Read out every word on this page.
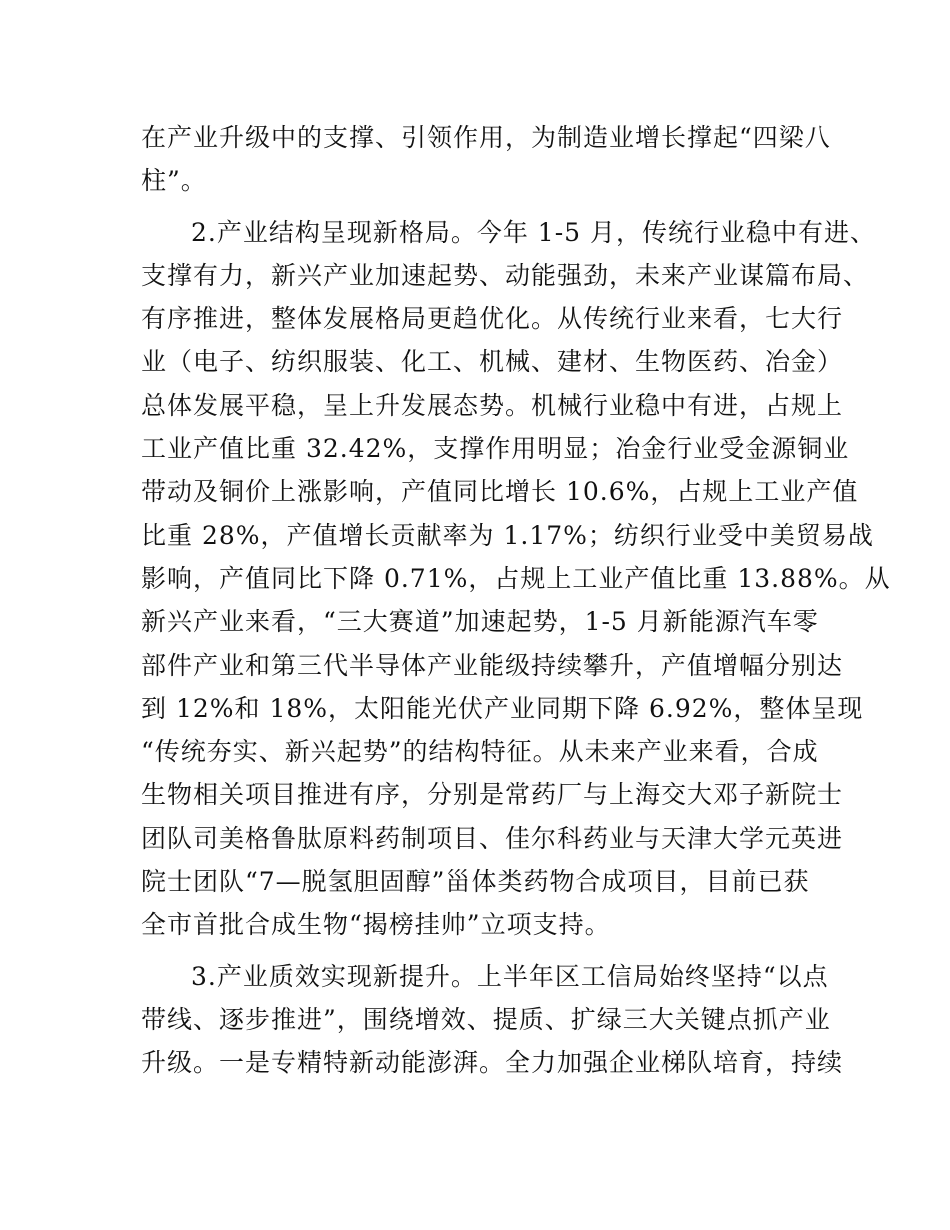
在产业升级中的支撑、引领作用，为制造业增长撑起“四梁八
柱”。

2.产业结构呈现新格局。今年 1-5 月，传统行业稳中有进、
支撑有力，新兴产业加速起势、动能强劲，未来产业谋篇布局、
有序推进，整体发展格局更趋优化。从传统行业来看，七大行
业（电子、纺织服装、化工、机械、建材、生物医药、冶金）
总体发展平稳，呈上升发展态势。机械行业稳中有进，占规上
工业产值比重 32.42%，支撑作用明显；冶金行业受金源铜业
带动及铜价上涨影响，产值同比增长 10.6%，占规上工业产值
比重 28%，产值增长贡献率为 1.17%；纺织行业受中美贸易战
影响，产值同比下降 0.71%，占规上工业产值比重 13.88%。从
新兴产业来看，“三大赛道”加速起势，1-5 月新能源汽车零
部件产业和第三代半导体产业能级持续攀升，产值增幅分别达
到 12%和 18%，太阳能光伏产业同期下降 6.92%，整体呈现
“传统夯实、新兴起势”的结构特征。从未来产业来看，合成
生物相关项目推进有序，分别是常药厂与上海交大邓子新院士
团队司美格鲁肽原料药制项目、佳尔科药业与天津大学元英进
院士团队“7—脱氢胆固醇”甾体类药物合成项目，目前已获
全市首批合成生物“揭榜挂帅”立项支持。

3.产业质效实现新提升。上半年区工信局始终坚持“以点
带线、逐步推进”，围绕增效、提质、扩绿三大关键点抓产业
升级。一是专精特新动能澎湃。全力加强企业梯队培育，持续
